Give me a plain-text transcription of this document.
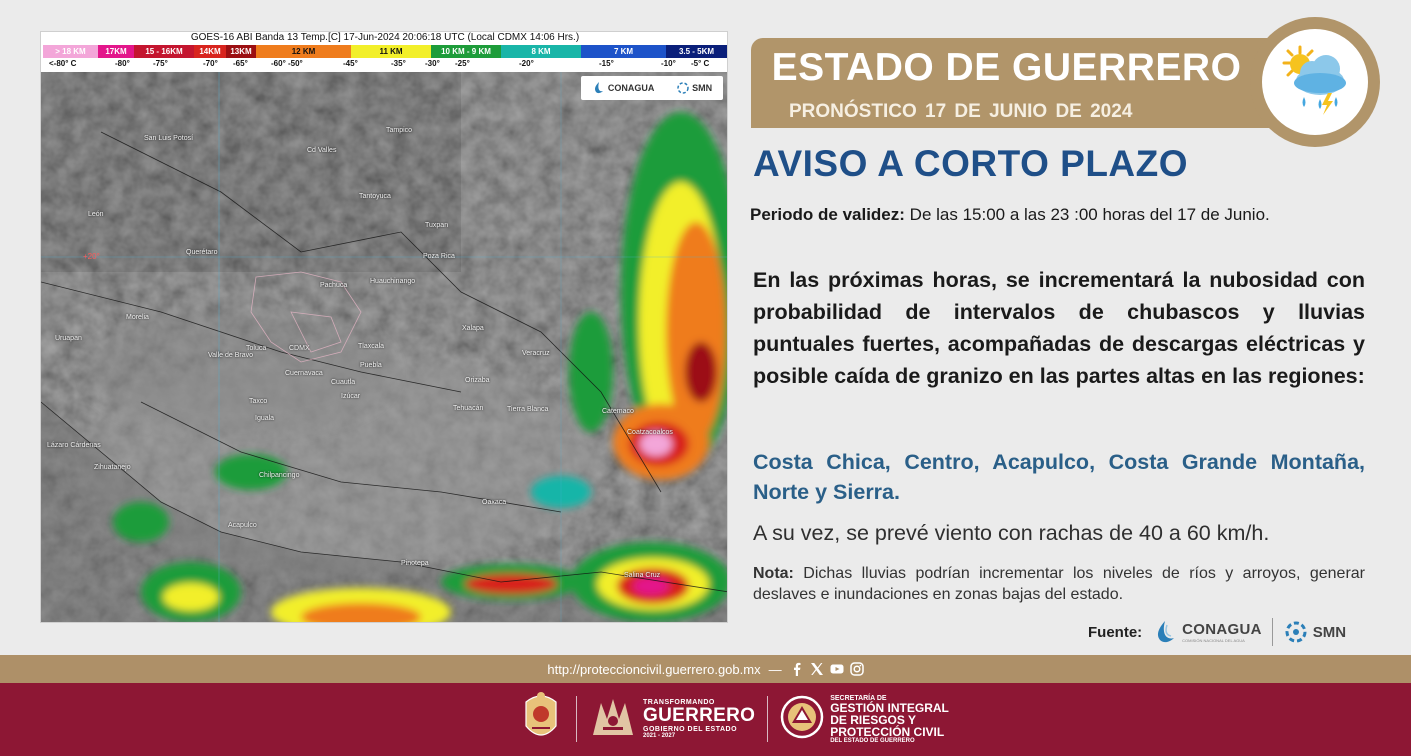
GOES-16 ABI Banda 13 Temp.[C] 17-Jun-2024 20:06:18 UTC (Local CDMX 14:06 Hrs.)
> 18 KM	17KM	15 - 16KM	14KM	13KM	12 KM	11 KM	10 KM - 9 KM	8 KM	7 KM	3.5 - 5KM
<-80° C	-80°	-75°	-70° -65°	-60° -50°	-45°	-35° -30° -25°	-20°	-15°	-10° -5° C
CONAGUA	SMN
+20°
San Luis Potosí
Cd Valles
Tampico
León
Tantoyuca
Tuxpan
Querétaro
Poza Rica
Pachuca
Huauchinango
Morelia
Tlaxcala
Xalapa
Uruapan
Toluca	CDMX
Puebla
Veracruz
Valle de Bravo
Cuernavaca
Cuautla	Orizaba
Izúcar
Taxco
Tehuacán	Tierra Blanca
Iguala
Catemaco
Coatzacoalcos
Lázaro Cárdenas
Zihuatanejo
Chilpancingo
Oaxaca
Acapulco
Pinotepa
Salina Cruz
ESTADO DE GUERRERO
PRONÓSTICO 17 DE JUNIO DE 2024
AVISO A CORTO PLAZO
Periodo de validez: De las 15:00 a las 23 :00 horas del 17 de Junio.
En las próximas horas, se incrementará la nubosidad con probabilidad de intervalos de chubascos y lluvias puntuales fuertes, acompañadas de descargas eléctricas y posible caída de granizo en las partes altas en las regiones:
Costa Chica, Centro, Acapulco, Costa Grande Montaña, Norte y Sierra.
A su vez, se prevé viento con rachas de 40 a 60 km/h.
Nota: Dichas lluvias podrían incrementar los niveles de ríos y arroyos, generar deslaves e inundaciones en zonas bajas del estado.
Fuente:	CONAGUA
COMISIÓN NACIONAL DEL AGUA	SMN
http://proteccioncivil.guerrero.gob.mx —
TRANSFORMANDO
GUERRERO
GOBIERNO DEL ESTADO
2021 - 2027
SECRETARÍA DE
GESTIÓN INTEGRAL
DE RIESGOS Y
PROTECCIÓN CIVIL
DEL ESTADO DE GUERRERO
